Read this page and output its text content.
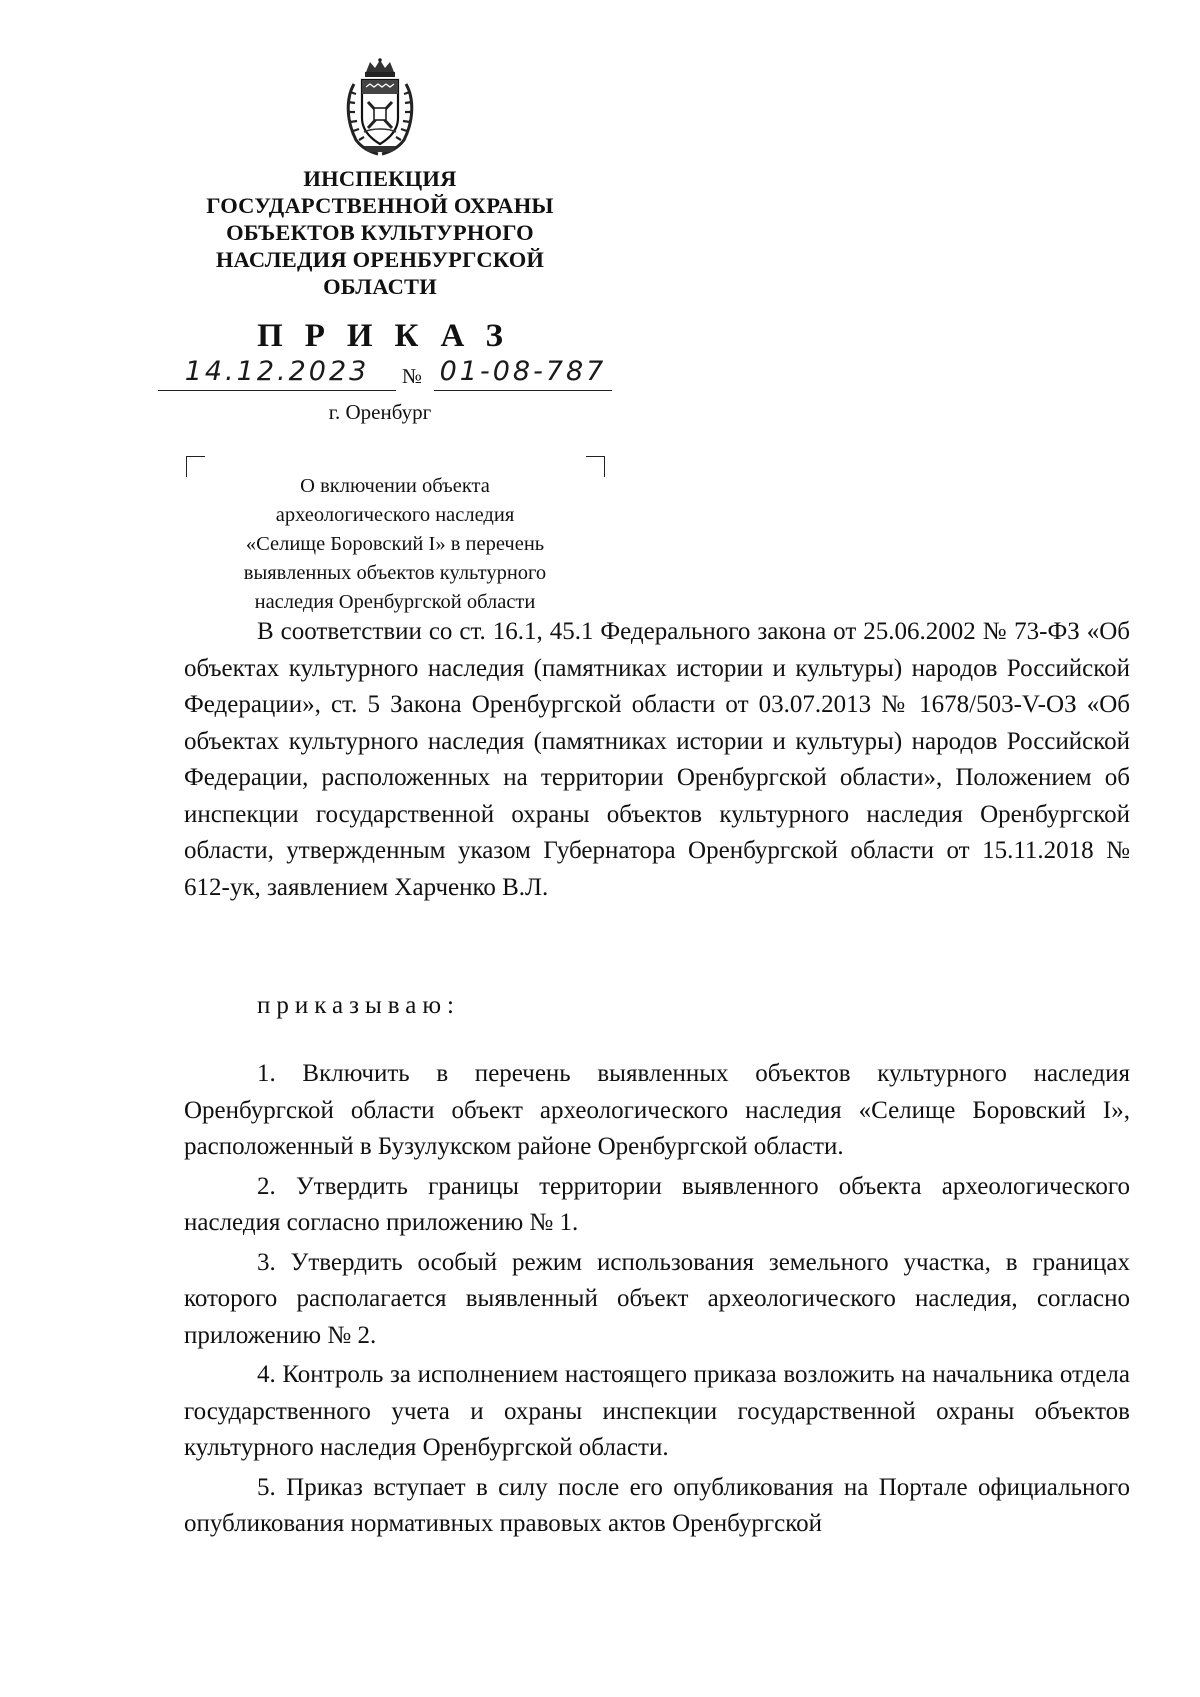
ИНСПЕКЦИЯ
ГОСУДАРСТВЕННОЙ ОХРАНЫ
ОБЪЕКТОВ КУЛЬТУРНОГО
НАСЛЕДИЯ ОРЕНБУРГСКОЙ
ОБЛАСТИ
ПРИКАЗ
14.12.2023	№ 01-08-787
г. Оренбург
О включении объекта
археологического наследия
«Селище Боровский I» в перечень
выявленных объектов культурного
наследия Оренбургской области

В соответствии со ст. 16.1, 45.1 Федерального закона от 25.06.2002 № 73-ФЗ «Об объектах культурного наследия (памятниках истории и культуры) народов Российской Федерации», ст. 5 Закона Оренбургской области от 03.07.2013 № 1678/503-V-ОЗ «Об объектах культурного наследия (памятниках истории и культуры) народов Российской Федерации, расположенных на территории Оренбургской области», Положением об инспекции государственной охраны объектов культурного наследия Оренбургской области, утвержденным указом Губернатора Оренбургской области от 15.11.2018 № 612-ук, заявлением Харченко В.Л.

приказываю:

1. Включить в перечень выявленных объектов культурного наследия Оренбургской области объект археологического наследия «Селище Боровский I», расположенный в Бузулукском районе Оренбургской области.

2. Утвердить границы территории выявленного объекта археологического наследия согласно приложению № 1.

3. Утвердить особый режим использования земельного участка, в границах которого располагается выявленный объект археологического наследия, согласно приложению № 2.

4. Контроль за исполнением настоящего приказа возложить на начальника отдела государственного учета и охраны инспекции государственной охраны объектов культурного наследия Оренбургской области.

5. Приказ вступает в силу после его опубликования на Портале официального опубликования нормативных правовых актов Оренбургской
